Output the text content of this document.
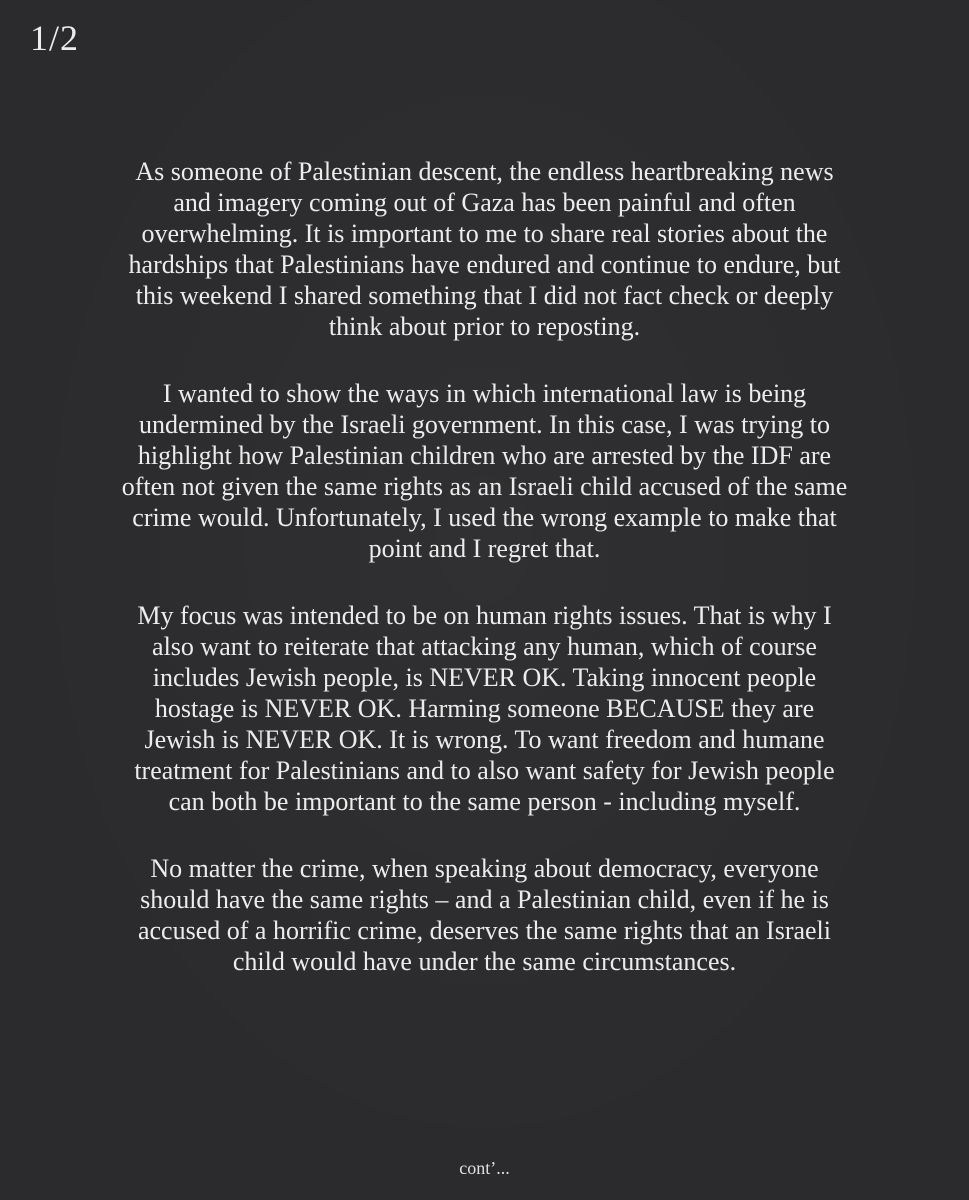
1/2

As someone of Palestinian descent, the endless heartbreaking news
and imagery coming out of Gaza has been painful and often
overwhelming. It is important to me to share real stories about the
hardships that Palestinians have endured and continue to endure, but
this weekend I shared something that I did not fact check or deeply
think about prior to reposting.

I wanted to show the ways in which international law is being
undermined by the Israeli government. In this case, I was trying to
highlight how Palestinian children who are arrested by the IDF are
often not given the same rights as an Israeli child accused of the same
crime would. Unfortunately, I used the wrong example to make that
point and I regret that.

My focus was intended to be on human rights issues. That is why I
also want to reiterate that attacking any human, which of course
includes Jewish people, is NEVER OK. Taking innocent people
hostage is NEVER OK. Harming someone BECAUSE they are
Jewish is NEVER OK. It is wrong. To want freedom and humane
treatment for Palestinians and to also want safety for Jewish people
can both be important to the same person - including myself.

No matter the crime, when speaking about democracy, everyone
should have the same rights – and a Palestinian child, even if he is
accused of a horrific crime, deserves the same rights that an Israeli
child would have under the same circumstances.

cont’...
